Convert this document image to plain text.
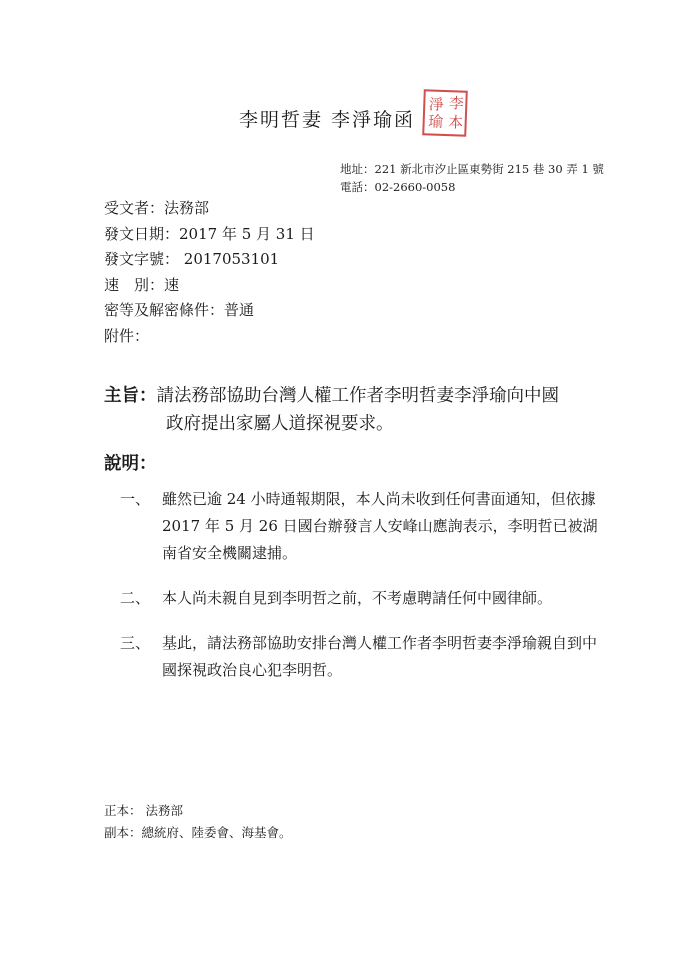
李明哲妻 李淨瑜函
李
淨
瑜 本
地址：221 新北市汐止區東勢街 215 巷 30 弄 1 號
電話：02-2660-0058
受文者：法務部
發文日期：2017 年 5 月 31 日
發文字號： 2017053101
速　別：速
密等及解密條件：普通
附件：
主旨：請法務部協助台灣人權工作者李明哲妻李淨瑜向中國
政府提出家屬人道探視要求。
說明：
一、 雖然已逾 24 小時通報期限，本人尚未收到任何書面通知，但依據 2017 年 5 月 26 日國台辦發言人安峰山應詢表示，李明哲已被湖南省安全機關逮捕。
二、 本人尚未親自見到李明哲之前，不考慮聘請任何中國律師。
三、 基此，請法務部協助安排台灣人權工作者李明哲妻李淨瑜親自到中國探視政治良心犯李明哲。
正本： 法務部
副本：總統府、陸委會、海基會。
